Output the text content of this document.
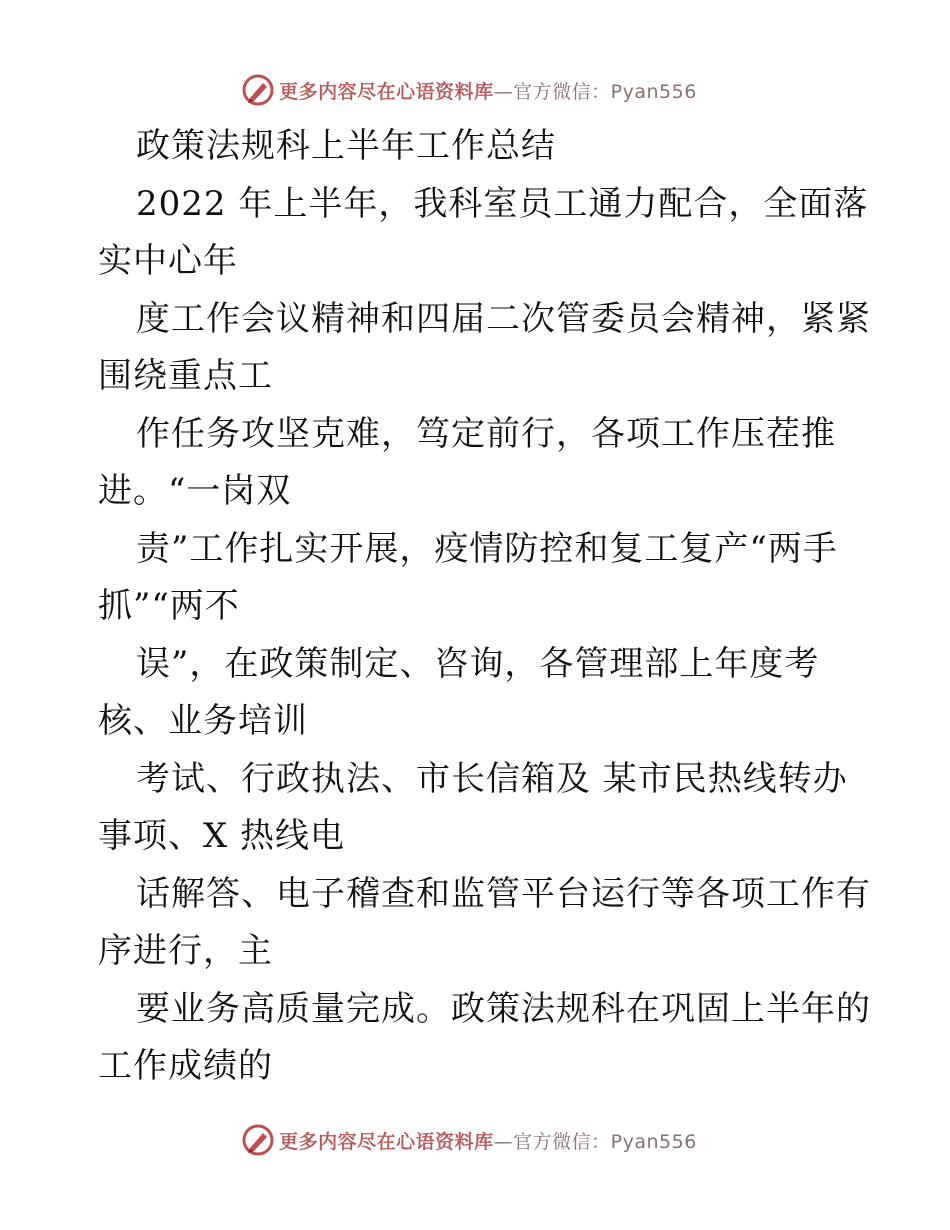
更多内容尽在心语资料库 —官方微信：Pyan556
政策法规科上半年工作总结
2022 年上半年，我科室员工通力配合，全面落
实中心年
度工作会议精神和四届二次管委员会精神，紧紧
围绕重点工
作任务攻坚克难，笃定前行，各项工作压茬推
进。“一岗双
责”工作扎实开展，疫情防控和复工复产“两手
抓”“两不
误”，在政策制定、咨询，各管理部上年度考
核、业务培训
考试、行政执法、市长信箱及 某市民热线转办
事项、X 热线电
话解答、电子稽查和监管平台运行等各项工作有
序进行，主
要业务高质量完成。政策法规科在巩固上半年的
工作成绩的
更多内容尽在心语资料库 —官方微信：Pyan556
